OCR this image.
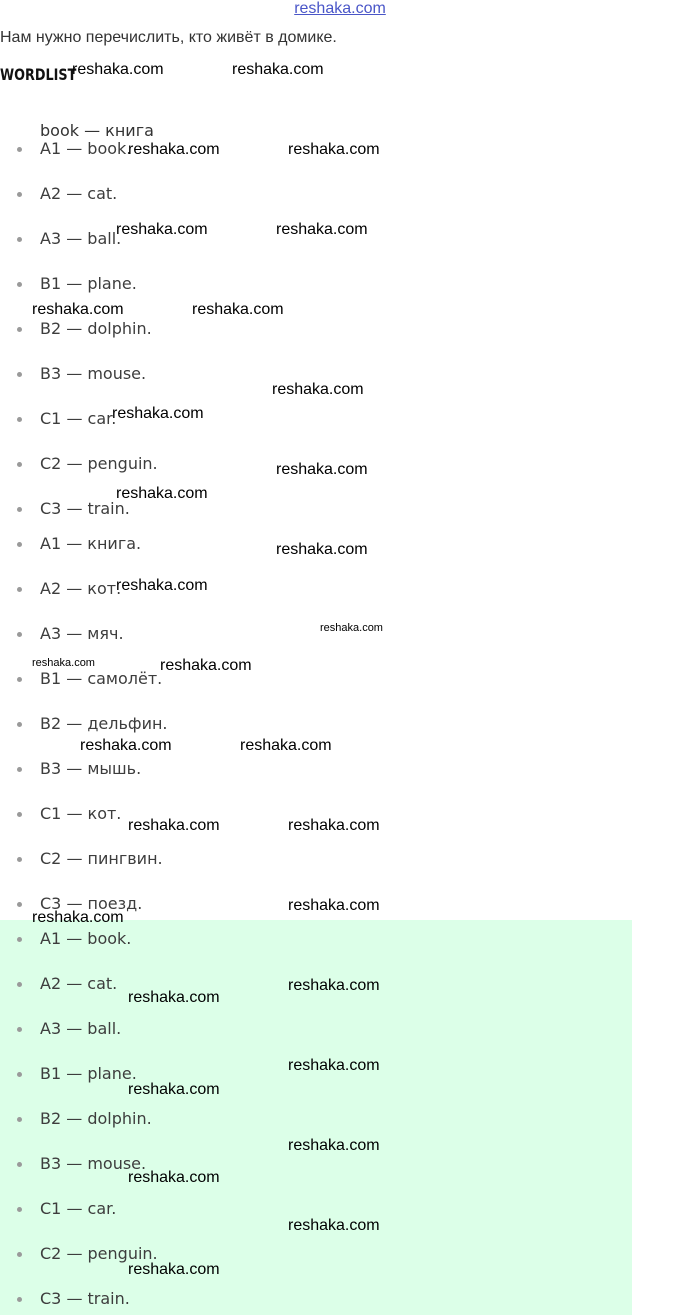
reshaka.com
Нам нужно перечислить, кто живёт в домике.
WORDLIST
book — книга
A1 — book.
A2 — cat.
A3 — ball.
B1 — plane.
B2 — dolphin.
B3 — mouse.
C1 — car.
C2 — penguin.
C3 — train.
A1 — книга.
A2 — кот.
A3 — мяч.
B1 — самолёт.
B2 — дельфин.
B3 — мышь.
C1 — кот.
C2 — пингвин.
C3 — поезд.
A1 — book.
A2 — cat.
A3 — ball.
B1 — plane.
B2 — dolphin.
B3 — mouse.
C1 — car.
C2 — penguin.
C3 — train.
reshaka.com	reshaka.com
reshaka.com	reshaka.com
reshaka.com	reshaka.com
reshaka.com	reshaka.com
reshaka.com
reshaka.com
reshaka.com
reshaka.com
reshaka.com
reshaka.com
reshaka.com
reshaka.com	reshaka.com
reshaka.com	reshaka.com
reshaka.com	reshaka.com
reshaka.com
reshaka.com
reshaka.com
reshaka.com
reshaka.com
reshaka.com
reshaka.com
reshaka.com
reshaka.com
reshaka.com
